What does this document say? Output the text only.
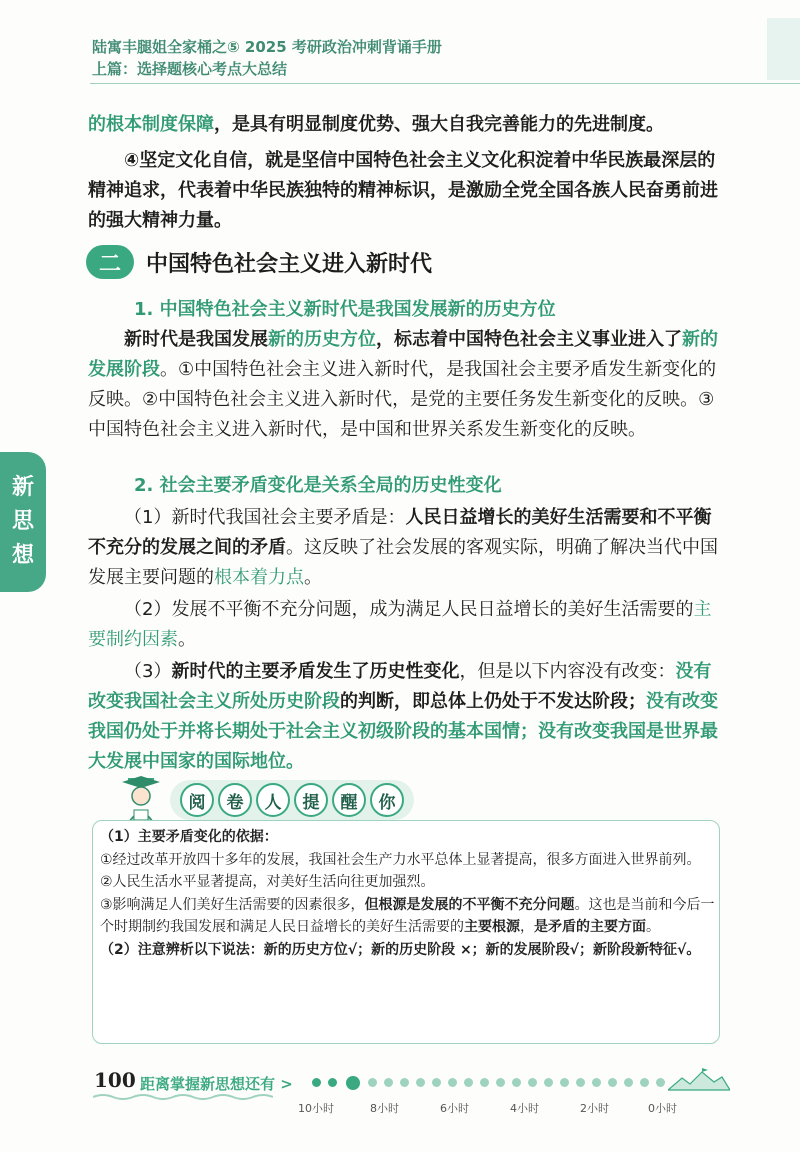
陆寓丰腿姐全家桶之⑤ 2025 考研政治冲刺背诵手册
上篇：选择题核心考点大总结

的根本制度保障，是具有明显制度优势、强大自我完善能力的先进制度。

④坚定文化自信，就是坚信中国特色社会主义文化积淀着中华民族最深层的精神追求，代表着中华民族独特的精神标识，是激励全党全国各族人民奋勇前进的强大精神力量。

二	中国特色社会主义进入新时代

1. 中国特色社会主义新时代是我国发展新的历史方位

新时代是我国发展新的历史方位，标志着中国特色社会主义事业进入了新的发展阶段。①中国特色社会主义进入新时代，是我国社会主要矛盾发生新变化的反映。②中国特色社会主义进入新时代，是党的主要任务发生新变化的反映。③中国特色社会主义进入新时代，是中国和世界关系发生新变化的反映。

2. 社会主要矛盾变化是关系全局的历史性变化

（1）新时代我国社会主要矛盾是：人民日益增长的美好生活需要和不平衡不充分的发展之间的矛盾。这反映了社会发展的客观实际，明确了解决当代中国发展主要问题的根本着力点。

（2）发展不平衡不充分问题，成为满足人民日益增长的美好生活需要的主要制约因素。

（3）新时代的主要矛盾发生了历史性变化，但是以下内容没有改变：没有改变我国社会主义所处历史阶段的判断，即总体上仍处于不发达阶段；没有改变我国仍处于并将长期处于社会主义初级阶段的基本国情；没有改变我国是世界最大发展中国家的国际地位。

新
思
想
阅	卷	人	提	醒	你

（1）主要矛盾变化的依据：

①经过改革开放四十多年的发展，我国社会生产力水平总体上显著提高，很多方面进入世界前列。

②人民生活水平显著提高，对美好生活向往更加强烈。

③影响满足人们美好生活需要的因素很多，但根源是发展的不平衡不充分问题。这也是当前和今后一个时期制约我国发展和满足人民日益增长的美好生活需要的主要根源，是矛盾的主要方面。

（2）注意辨析以下说法：新的历史方位√；新的历史阶段 ×；新的发展阶段√；新阶段新特征√。

100 距离掌握新思想还有 >
10小时	8小时	6小时	4小时	2小时	0小时
